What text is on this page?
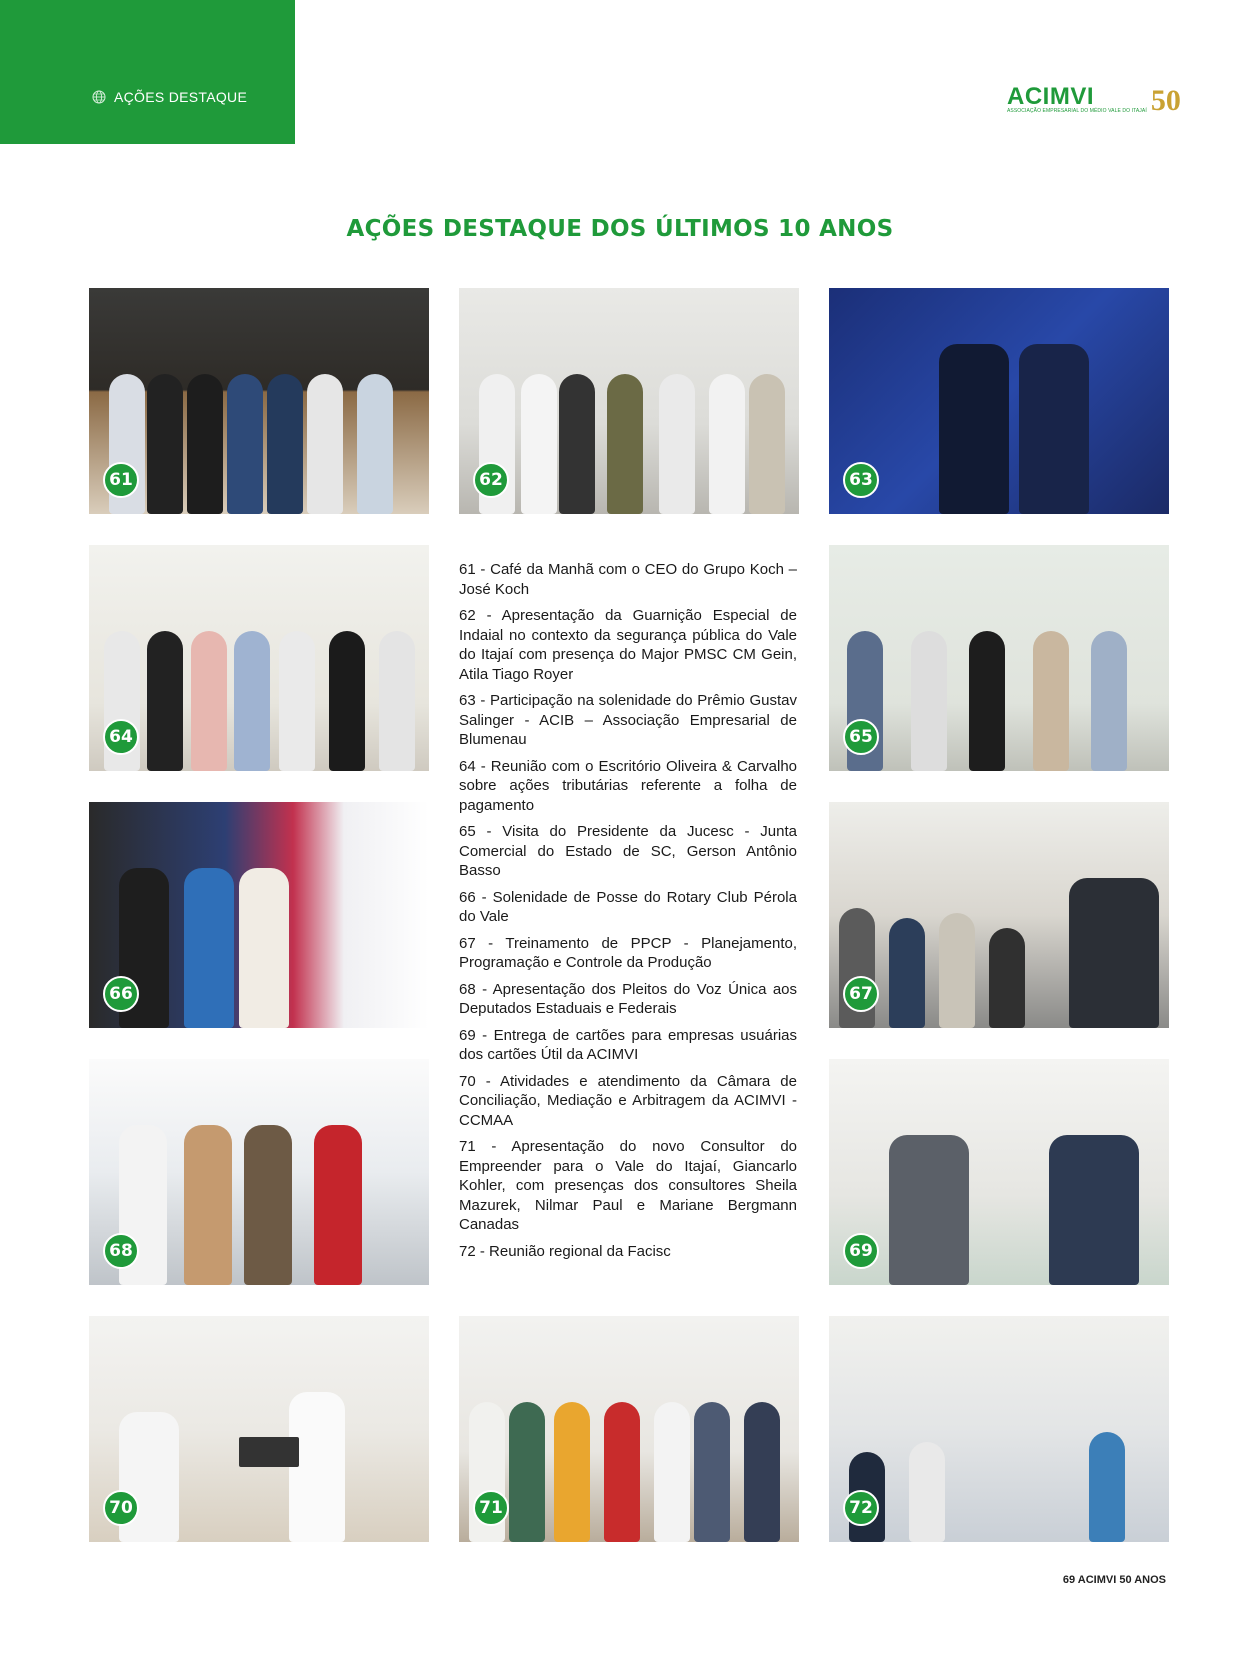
AÇÕES DESTAQUE	ACIMVI
ASSOCIAÇÃO EMPRESARIAL DO MÉDIO VALE DO ITAJAÍ 50
AÇÕES DESTAQUE DOS ÚLTIMOS 10 ANOS
61	62	63
64	65
66	67
68	69
70	71	72

61 - Café da Manhã com o CEO do Grupo Koch – José Koch

62 - Apresentação da Guarnição Especial de Indaial no contexto da segurança pública do Vale do Itajaí com presença do Major PMSC CM Gein, Atila Tiago Royer

63 - Participação na solenidade do Prêmio Gustav Salinger - ACIB – Associação Empresarial de Blumenau

64 - Reunião com o Escritório Oliveira & Carvalho sobre ações tributárias referente a folha de pagamento

65 - Visita do Presidente da Jucesc - Junta Comercial do Estado de SC, Gerson Antônio Basso

66 - Solenidade de Posse do Rotary Club Pérola do Vale

67 - Treinamento de PPCP - Planejamento, Programação e Controle da Produção

68 - Apresentação dos Pleitos do Voz Única aos Deputados Estaduais e Federais

69 - Entrega de cartões para empresas usuárias dos cartões Útil da ACIMVI

70 - Atividades e atendimento da Câmara de Conciliação, Mediação e Arbitragem da ACIMVI - CCMAA

71 - Apresentação do novo Consultor do Empreender para o Vale do Itajaí, Giancarlo Kohler, com presenças dos consultores Sheila Mazurek, Nilmar Paul e Mariane Bergmann Canadas

72 - Reunião regional da Facisc

69 ACIMVI 50 ANOS
